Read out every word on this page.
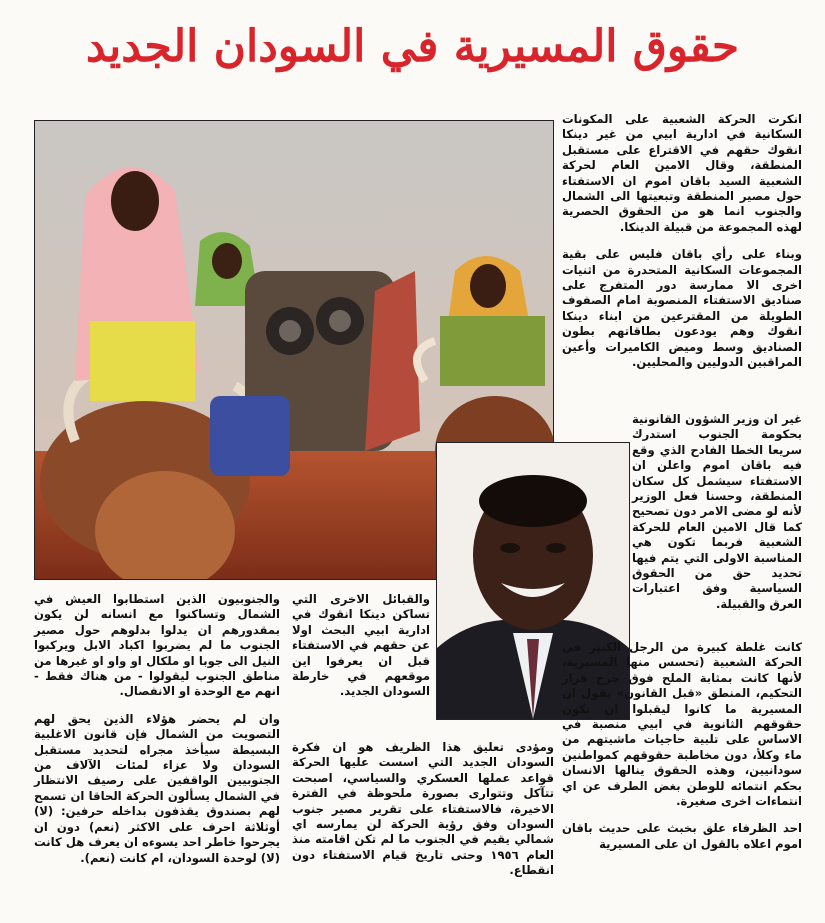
حقوق المسيرية في السودان الجديد

انكرت الحركة الشعبية على المكونات السكانية في ادارية ابيي من غير دينكا انقوك حقهم في الاقتراع على مستقبل المنطقة، وقال الامين العام لحركة الشعبية السيد باقان اموم ان الاستفتاء حول مصير المنطقة وتبعيتها الى الشمال والجنوب انما هو من الحقوق الحصرية لهذه المجموعة من قبيلة الدينكا.

وبناء على رأي باقان فليس على بقية المجموعات السكانية المتحدرة من اثنيات اخرى الا ممارسة دور المتفرج على صناديق الاستفتاء المنصوبة امام الصفوف الطويلة من المقترعين من ابناء دينكا انقوك وهم يودعون بطاقاتهم بطون الصناديق وسط وميض الكاميرات وأعين المراقبين الدوليين والمحليين.

غير ان وزير الشؤون القانونية بحكومة الجنوب استدرك سريعا الخطا الفادح الذي وقع فيه باقان اموم واعلن ان الاستفتاء سيشمل كل سكان المنطقة، وحسنا فعل الوزير لأنه لو مضى الامر دون تصحيح كما قال الامين العام للحركة الشعبية فربما تكون هي المناسبة الاولى التي يتم فيها تحديد حق من الحقوق السياسية وفق اعتبارات العرق والقبيلة.

كانت غلطة كبيرة من الرجل الكبير في الحركة الشعبية (تحسس منها المسيرية، لأنها كانت بمثابة الملح فوق جرح قرار التحكيم، المنطق «قبل القانون» يقول ان المسيرية ما كانوا ليقبلوا ان تكون حقوقهم الثانوية في ابيي منصبة في الاساس على تلبية حاجيات ماشيتهم من ماء وكلأ، دون مخاطبة حقوقهم كمواطنين سودانيين، وهذه الحقوق ينالها الانسان بحكم انتمائه للوطن بغض الطرف عن اي انتماءات اخرى صغيرة.

احد الظرفاء علق بخبث على حديث باقان اموم اعلاه بالقول ان على المسيرية

والقبائل الاخرى التي تساكن دينكا انقوك في ادارية ابيي البحث اولا عن حقهم في الاستفتاء قبل ان يعرفوا اين موقعهم في خارطة السودان الجديد.

ومؤدى تعليق هذا الظريف هو ان فكرة السودان الجديد التي اسست عليها الحركة قواعد عملها العسكري والسياسي، اصبحت تتآكل وتتوارى بصورة ملحوظة في الفترة الاخيرة، فالاستفتاء على تقرير مصير جنوب السودان وفق رؤية الحركة لن يمارسه اي شمالي يقيم في الجنوب ما لم تكن اقامته منذ العام ١٩٥٦ وحتى تاريخ قيام الاستفتاء دون انقطاع.

والجنوبيون الذين استطابوا العيش في الشمال وتساكنوا مع انسانه لن يكون بمقدورهم ان يدلوا بدلوهم حول مصير الجنوب ما لم يضربوا اكباد الابل ويركبوا النيل الى جوبا او ملكال او واو او غيرها من مناطق الجنوب ليقولوا - من هناك فقط - انهم مع الوحدة او الانفصال.

وان لم يحضر هؤلاء الذين يحق لهم التصويت من الشمال فإن قانون الاغلبية البسيطة سيأخذ مجراه لتحديد مستقبل السودان ولا عزاء لمئات الآلاف من الجنوبيين الواقفين على رصيف الانتظار في الشمال يسألون الحركة الحاقا ان تسمح لهم بصندوق يقذفون بداخله حرفين: (لا) أوثلاثة احرف على الاكثر (نعم) دون ان يجرحوا خاطر احد يسوءه ان يعرف هل كانت (لا) لوحدة السودان، ام كانت (نعم).
